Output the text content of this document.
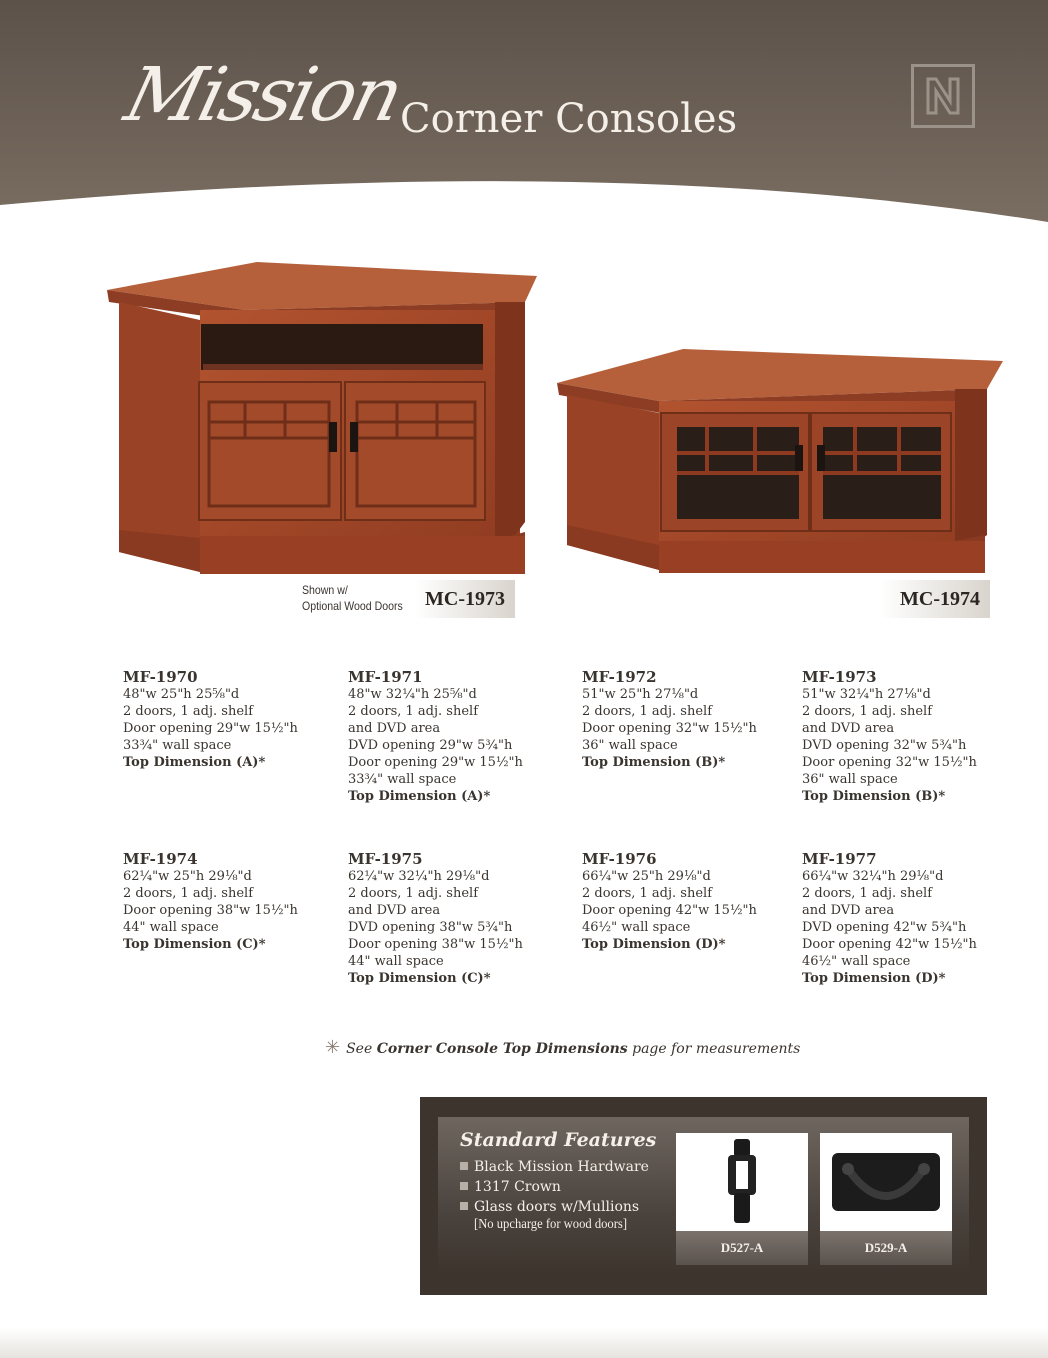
Mission
Corner Consoles
Shown w/
Optional Wood Doors	MC-1973	MC-1974
MF-1970
48"w 25"h 25⅝"d
2 doors, 1 adj. shelf
Door opening 29"w 15½"h
33¾" wall space
Top Dimension (A)*
MF-1971
48"w 32¼"h 25⅝"d
2 doors, 1 adj. shelf
and DVD area
DVD opening 29"w 5¾"h
Door opening 29"w 15½"h
33¾" wall space
Top Dimension (A)*
MF-1972
51"w 25"h 27⅛"d
2 doors, 1 adj. shelf
Door opening 32"w 15½"h
36" wall space
Top Dimension (B)*
MF-1973
51"w 32¼"h 27⅛"d
2 doors, 1 adj. shelf
and DVD area
DVD opening 32"w 5¾"h
Door opening 32"w 15½"h
36" wall space
Top Dimension (B)*
MF-1974
62¼"w 25"h 29⅛"d
2 doors, 1 adj. shelf
Door opening 38"w 15½"h
44" wall space
Top Dimension (C)*
MF-1975
62¼"w 32¼"h 29⅛"d
2 doors, 1 adj. shelf
and DVD area
DVD opening 38"w 5¾"h
Door opening 38"w 15½"h
44" wall space
Top Dimension (C)*
MF-1976
66¼"w 25"h 29⅛"d
2 doors, 1 adj. shelf
Door opening 42"w 15½"h
46½" wall space
Top Dimension (D)*
MF-1977
66¼"w 32¼"h 29⅛"d
2 doors, 1 adj. shelf
and DVD area
DVD opening 42"w 5¾"h
Door opening 42"w 15½"h
46½" wall space
Top Dimension (D)*
✳ See Corner Console Top Dimensions page for measurements
Standard Features
Black Mission Hardware
1317 Crown
Glass doors w/Mullions
[No upcharge for wood doors]
D527-A	D529-A
